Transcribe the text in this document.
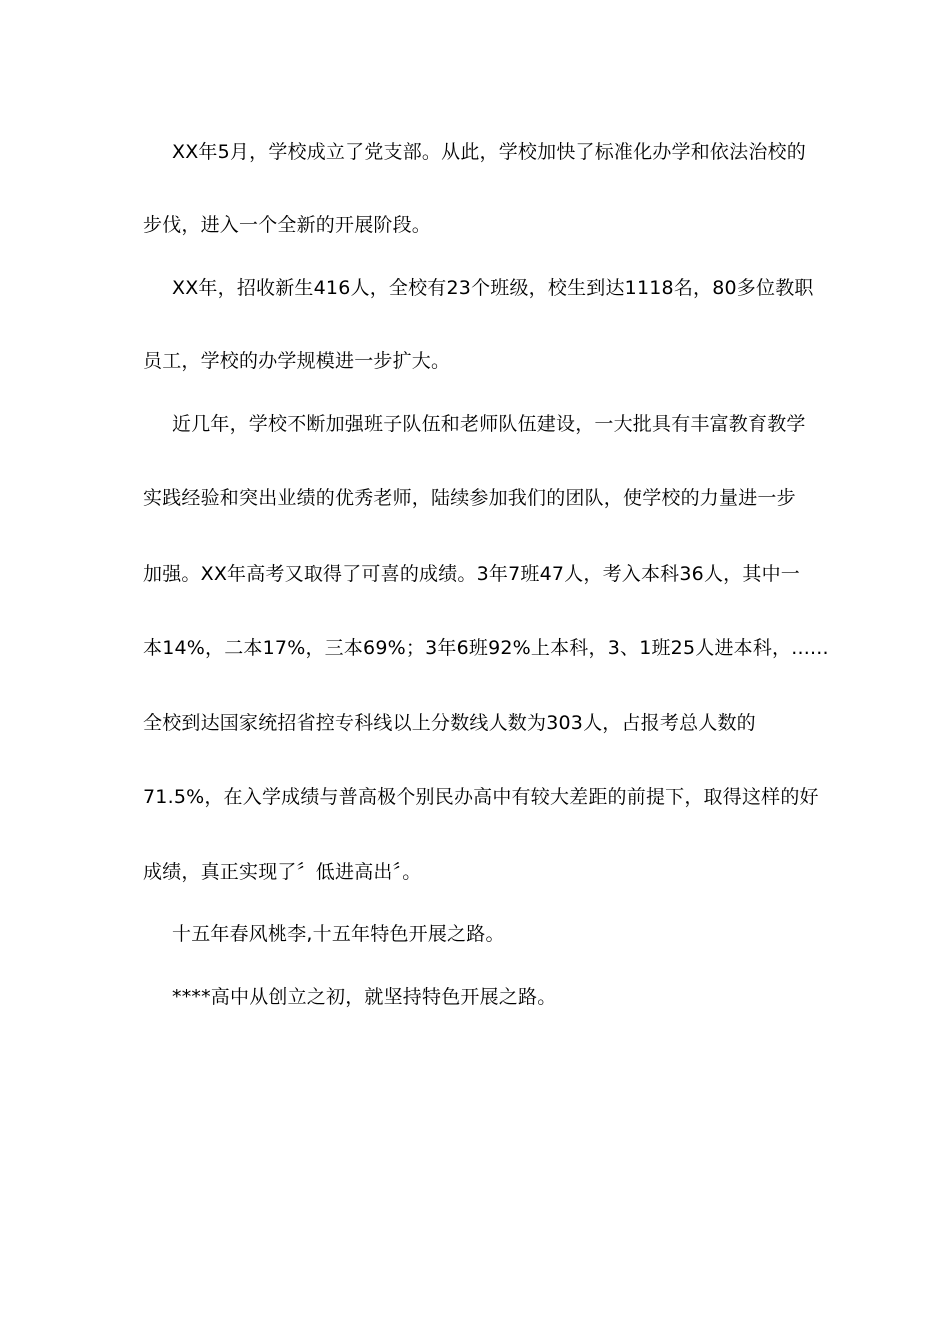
XX年5月，学校成立了党支部。从此，学校加快了标准化办学和依法治校的
步伐，进入一个全新的开展阶段。
XX年，招收新生416人，全校有23个班级，校生到达1118名，80多位教职
员工，学校的办学规模进一步扩大。
近几年，学校不断加强班子队伍和老师队伍建设，一大批具有丰富教育教学
实践经验和突出业绩的优秀老师，陆续参加我们的团队，使学校的力量进一步
加强。XX年高考又取得了可喜的成绩。3年7班47人，考入本科36人，其中一
本14%，二本17%，三本69%；3年6班92%上本科，3、1班25人进本科，......
全校到达国家统招省控专科线以上分数线人数为303人，占报考总人数的
71.5%，在入学成绩与普高极个别民办高中有较大差距的前提下，取得这样的好
成绩，真正实现了〞低进高出〞。
十五年春风桃李,十五年特色开展之路。
****高中从创立之初，就坚持特色开展之路。
